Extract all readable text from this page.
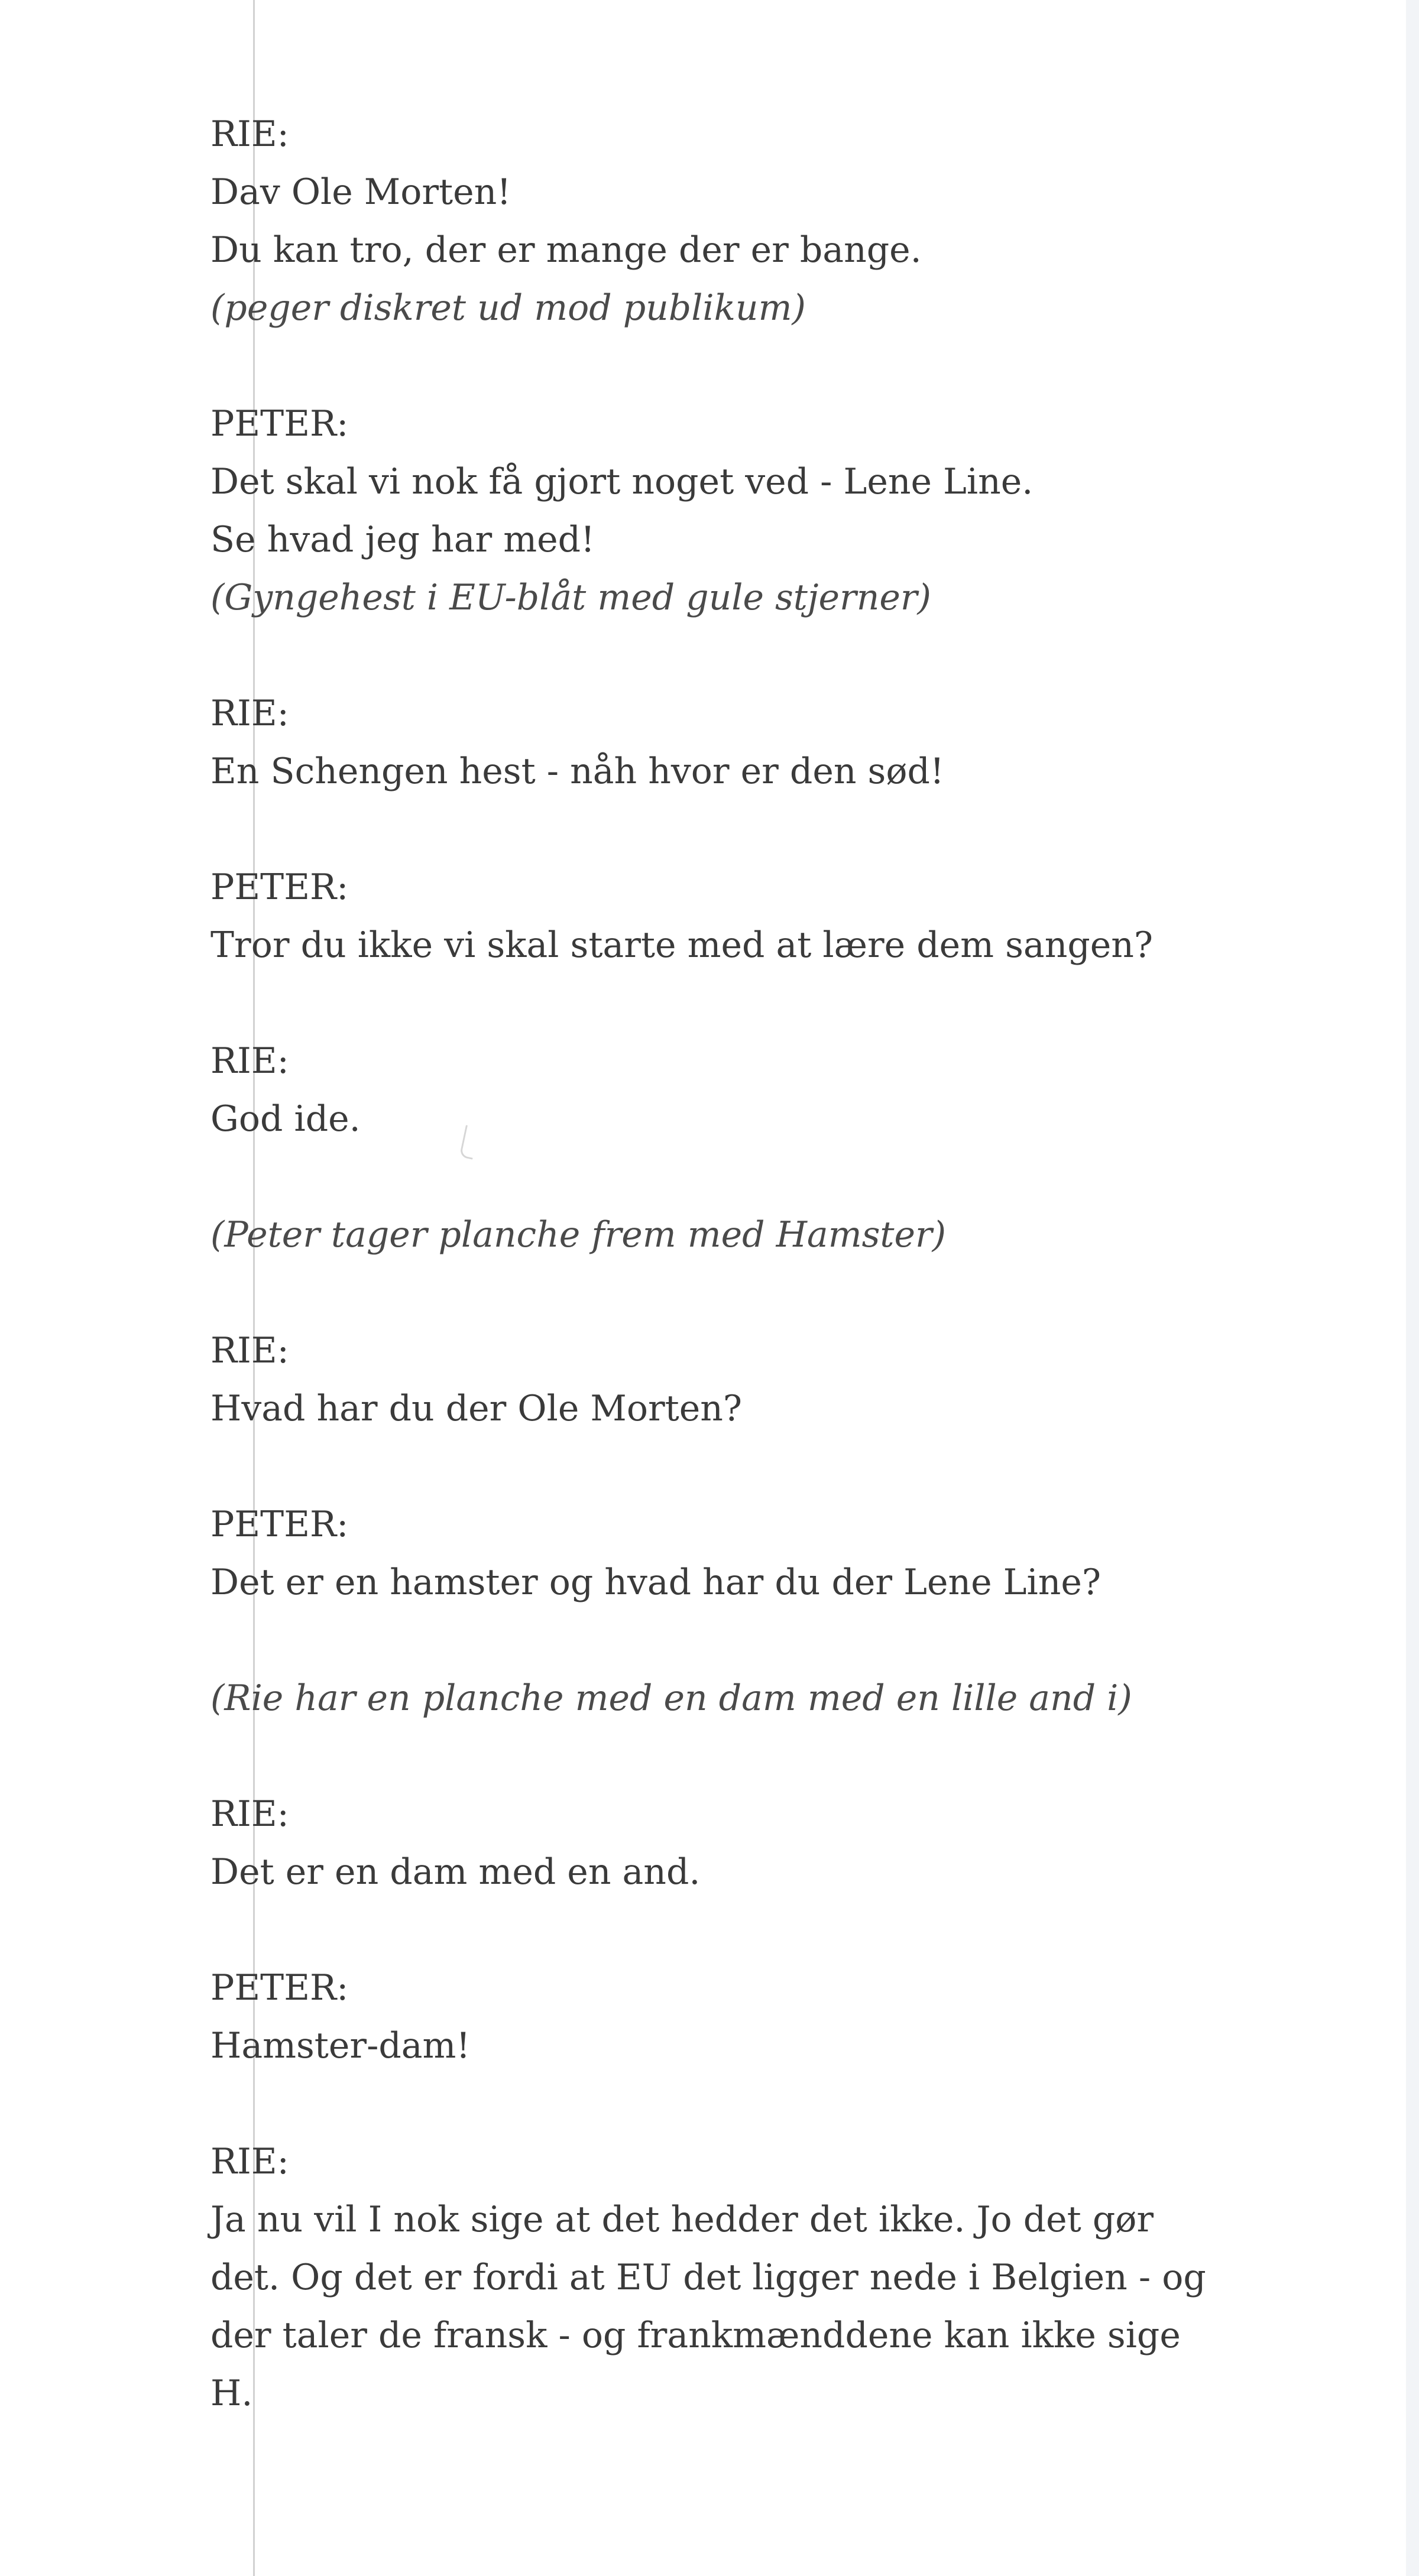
RIE:
Dav Ole Morten!
Du kan tro, der er mange der er bange.
(peger diskret ud mod publikum)
PETER:
Det skal vi nok få gjort noget ved - Lene Line.
Se hvad jeg har med!
(Gyngehest i EU-blåt med gule stjerner)
RIE:
En Schengen hest - nåh hvor er den sød!
PETER:
Tror du ikke vi skal starte med at lære dem sangen?
RIE:
God ide.
(Peter tager planche frem med Hamster)
RIE:
Hvad har du der Ole Morten?
PETER:
Det er en hamster og hvad har du der Lene Line?
(Rie har en planche med en dam med en lille and i)
RIE:
Det er en dam med en and.
PETER:
Hamster-dam!
RIE:
Ja nu vil I nok sige at det hedder det ikke. Jo det gør det. Og det er fordi at EU det ligger nede i Belgien - og der taler de fransk - og frankmænddene kan ikke sige H.
